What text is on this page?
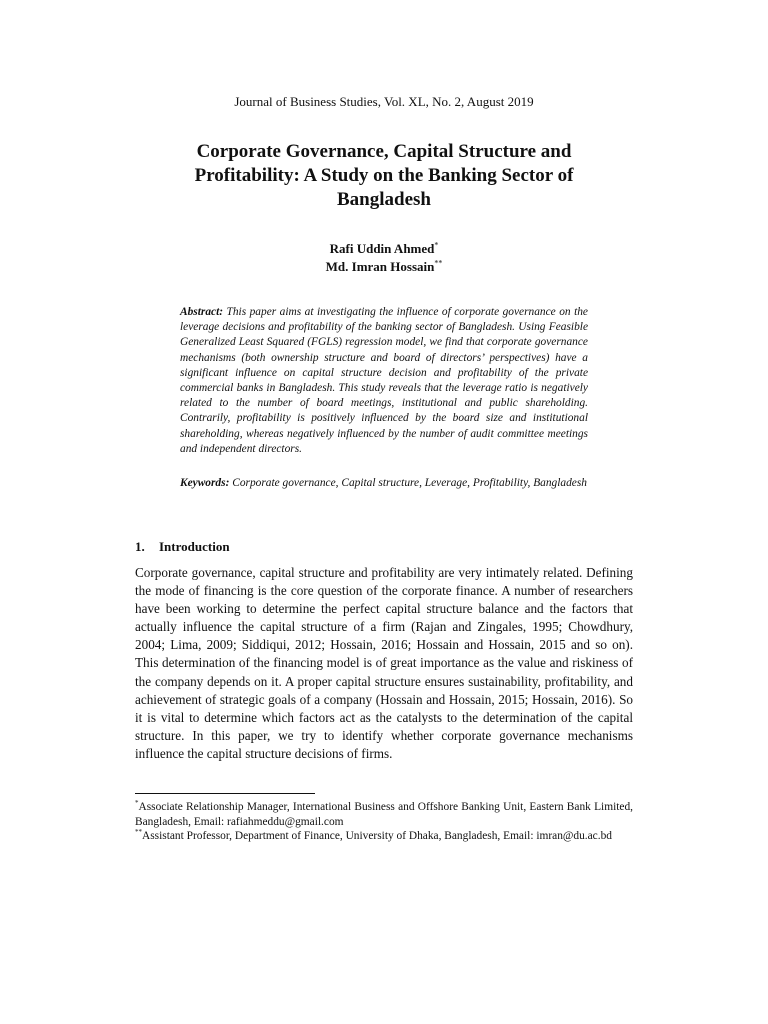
Journal of Business Studies, Vol. XL, No. 2, August 2019
Corporate Governance, Capital Structure and Profitability: A Study on the Banking Sector of Bangladesh
Rafi Uddin Ahmed*
Md. Imran Hossain**

Abstract: This paper aims at investigating the influence of corporate governance on the leverage decisions and profitability of the banking sector of Bangladesh. Using Feasible Generalized Least Squared (FGLS) regression model, we find that corporate governance mechanisms (both ownership structure and board of directors’ perspectives) have a significant influence on capital structure decision and profitability of the private commercial banks in Bangladesh. This study reveals that the leverage ratio is negatively related to the number of board meetings, institutional and public shareholding. Contrarily, profitability is positively influenced by the board size and institutional shareholding, whereas negatively influenced by the number of audit committee meetings and independent directors.

Keywords: Corporate governance, Capital structure, Leverage, Profitability, Bangladesh

1. Introduction

Corporate governance, capital structure and profitability are very intimately related. Defining the mode of financing is the core question of the corporate finance. A number of researchers have been working to determine the perfect capital structure balance and the factors that actually influence the capital structure of a firm (Rajan and Zingales, 1995; Chowdhury, 2004; Lima, 2009; Siddiqui, 2012; Hossain, 2016; Hossain and Hossain, 2015 and so on). This determination of the financing model is of great importance as the value and riskiness of the company depends on it. A proper capital structure ensures sustainability, profitability, and achievement of strategic goals of a company (Hossain and Hossain, 2015; Hossain, 2016). So it is vital to determine which factors act as the catalysts to the determination of the capital structure. In this paper, we try to identify whether corporate governance mechanisms influence the capital structure decisions of firms.

*Associate Relationship Manager, International Business and Offshore Banking Unit, Eastern Bank Limited, Bangladesh, Email: rafiahmeddu@gmail.com

**Assistant Professor, Department of Finance, University of Dhaka, Bangladesh, Email: imran@du.ac.bd
